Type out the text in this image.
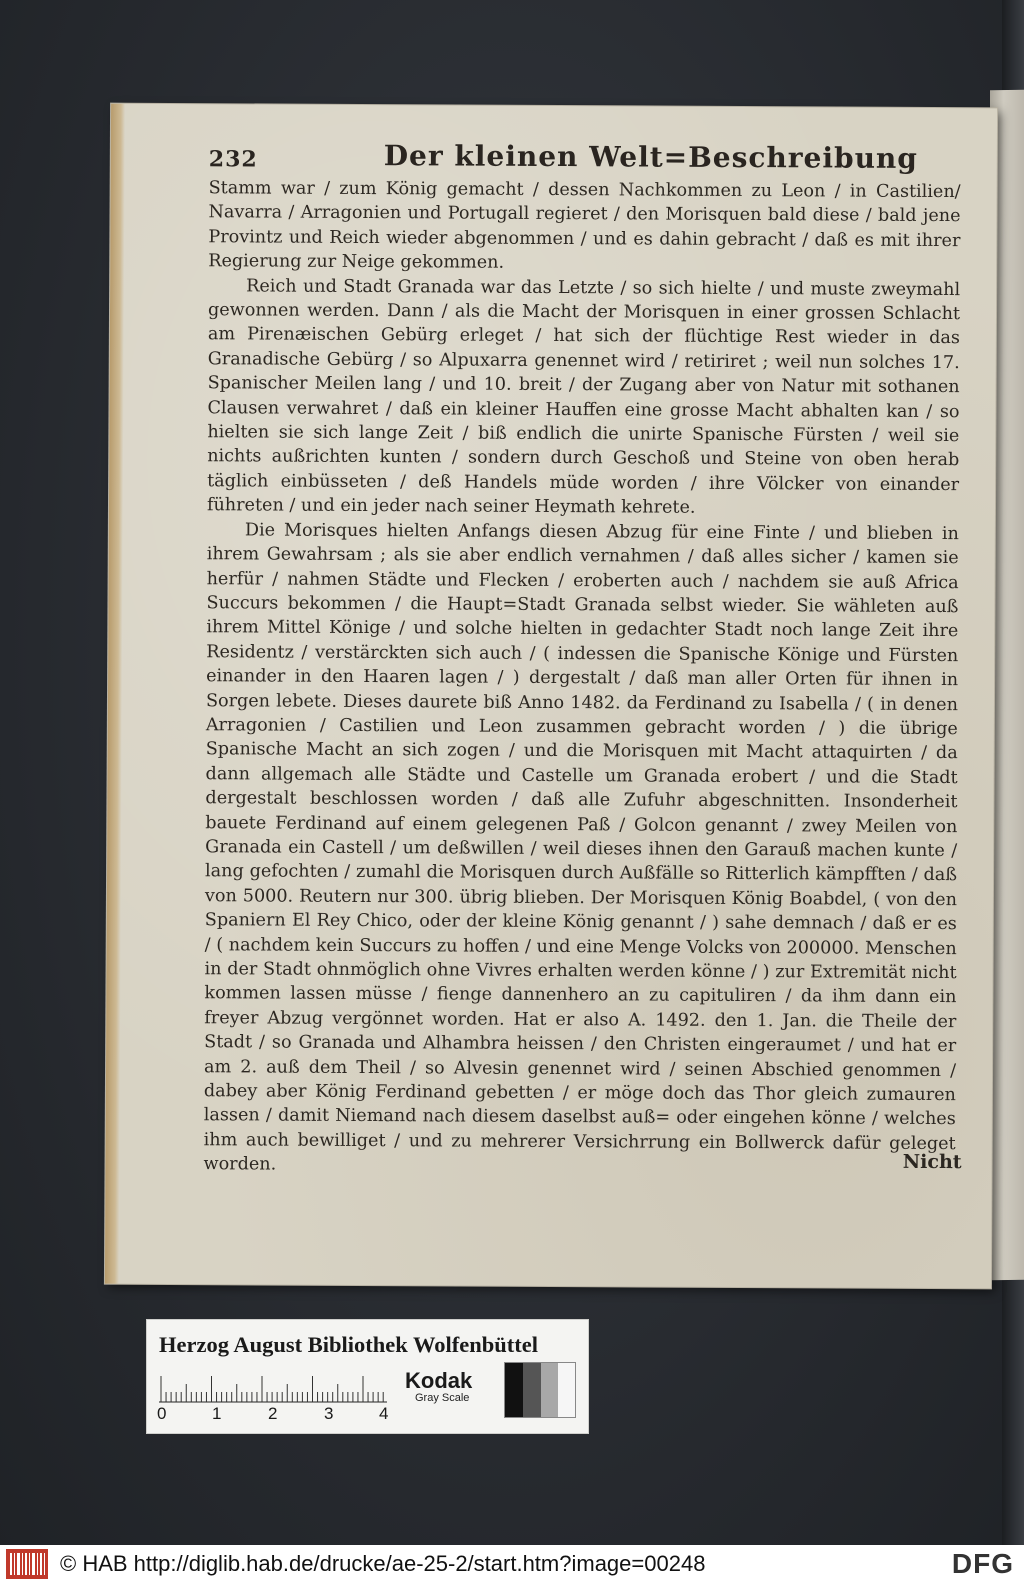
232	Der kleinen Welt=Beschreibung

Stamm war / zum König gemacht / dessen Nachkommen zu Leon / in Castilien/ Navarra / Arragonien und Portugall regieret / den Morisquen bald diese / bald jene Provintz und Reich wieder abgenommen / und es dahin gebracht / daß es mit ihrer Regierung zur Neige gekommen.

Reich und Stadt Granada war das Letzte / so sich hielte / und muste zweymahl gewonnen werden. Dann / als die Macht der Morisquen in einer grossen Schlacht am Pirenæischen Gebürg erleget / hat sich der flüchtige Rest wieder in das Granadische Gebürg / so Alpuxarra genennet wird / retiriret ; weil nun solches 17. Spanischer Meilen lang / und 10. breit / der Zugang aber von Natur mit sothanen Clausen verwahret / daß ein kleiner Hauffen eine grosse Macht abhalten kan / so hielten sie sich lange Zeit / biß endlich die unirte Spanische Fürsten / weil sie nichts außrichten kunten / sondern durch Geschoß und Steine von oben herab täglich einbüsseten / deß Handels müde worden / ihre Völcker von einander führeten / und ein jeder nach seiner Heymath kehrete.

Die Morisques hielten Anfangs diesen Abzug für eine Finte / und blieben in ihrem Gewahrsam ; als sie aber endlich vernahmen / daß alles sicher / kamen sie herfür / nahmen Städte und Flecken / eroberten auch / nachdem sie auß Africa Succurs bekommen / die Haupt=Stadt Granada selbst wieder. Sie wähleten auß ihrem Mittel Könige / und solche hielten in gedachter Stadt noch lange Zeit ihre Residentz / verstärckten sich auch / ( indessen die Spanische Könige und Fürsten einander in den Haaren lagen / ) dergestalt / daß man aller Orten für ihnen in Sorgen lebete. Dieses daurete biß Anno 1482. da Ferdinand zu Isabella / ( in denen Arragonien / Castilien und Leon zusammen gebracht worden / ) die übrige Spanische Macht an sich zogen / und die Morisquen mit Macht attaquirten / da dann allgemach alle Städte und Castelle um Granada erobert / und die Stadt dergestalt beschlossen worden / daß alle Zufuhr abgeschnitten. Insonderheit bauete Ferdinand auf einem gelegenen Paß / Golcon genannt / zwey Meilen von Granada ein Castell / um deßwillen / weil dieses ihnen den Garauß machen kunte / lang gefochten / zumahl die Morisquen durch Außfälle so Ritterlich kämpfften / daß von 5000. Reutern nur 300. übrig blieben. Der Morisquen König Boabdel, ( von den Spaniern El Rey Chico, oder der kleine König genannt / ) sahe demnach / daß er es / ( nachdem kein Succurs zu hoffen / und eine Menge Volcks von 200000. Menschen in der Stadt ohnmöglich ohne Vivres erhalten werden könne / ) zur Extremität nicht kommen lassen müsse / fienge dannenhero an zu capituliren / da ihm dann ein freyer Abzug vergönnet worden. Hat er also A. 1492. den 1. Jan. die Theile der Stadt / so Granada und Alhambra heissen / den Christen eingeraumet / und hat er am 2. auß dem Theil / so Alvesin genennet wird / seinen Abschied genommen / dabey aber König Ferdinand gebetten / er möge doch das Thor gleich zumauren lassen / damit Niemand nach diesem daselbst auß= oder eingehen könne / welches ihm auch bewilliget / und zu mehrerer Versichrrung ein Bollwerck dafür geleget worden.	Nicht
Herzog August Bibliothek Wolfenbüttel
0	1	2	3	4
Kodak
Gray Scale
© HAB http://diglib.hab.de/drucke/ae-25-2/start.htm?image=00248	DFG
